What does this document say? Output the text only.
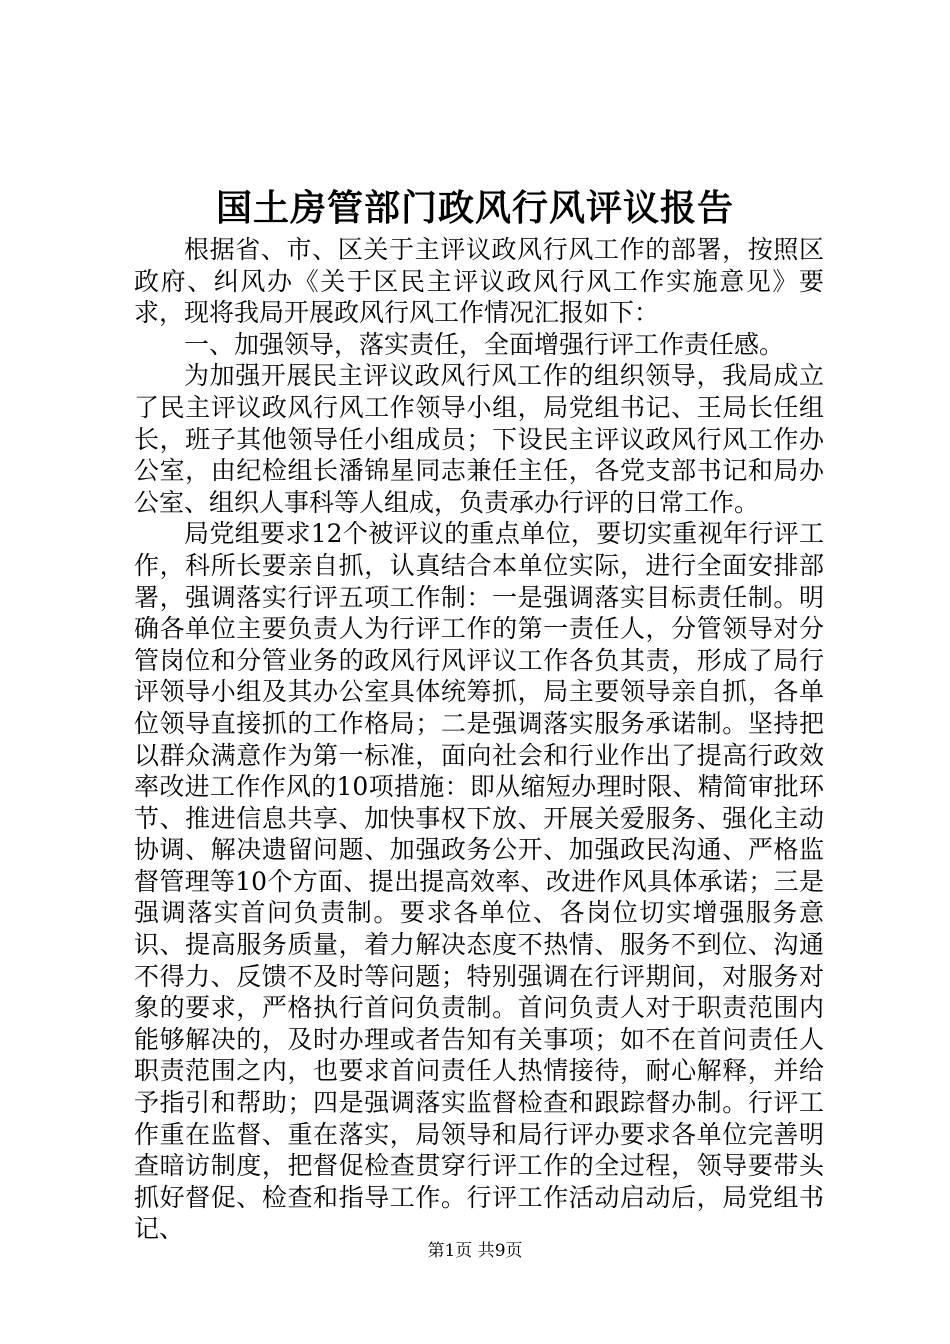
国土房管部门政风行风评议报告

根据省、市、区关于主评议政风行风工作的部署，按照区政府、纠风办《关于区民主评议政风行风工作实施意见》要求，现将我局开展政风行风工作情况汇报如下：

一、加强领导，落实责任，全面增强行评工作责任感。

为加强开展民主评议政风行风工作的组织领导，我局成立了民主评议政风行风工作领导小组，局党组书记、王局长任组长，班子其他领导任小组成员；下设民主评议政风行风工作办公室，由纪检组长潘锦星同志兼任主任，各党支部书记和局办公室、组织人事科等人组成，负责承办行评的日常工作。

局党组要求12个被评议的重点单位，要切实重视年行评工作，科所长要亲自抓，认真结合本单位实际，进行全面安排部署，强调落实行评五项工作制：一是强调落实目标责任制。明确各单位主要负责人为行评工作的第一责任人，分管领导对分管岗位和分管业务的政风行风评议工作各负其责，形成了局行评领导小组及其办公室具体统筹抓，局主要领导亲自抓，各单位领导直接抓的工作格局；二是强调落实服务承诺制。坚持把以群众满意作为第一标准，面向社会和行业作出了提高行政效率改进工作作风的10项措施：即从缩短办理时限、精简审批环节、推进信息共享、加快事权下放、开展关爱服务、强化主动协调、解决遗留问题、加强政务公开、加强政民沟通、严格监督管理等10个方面、提出提高效率、改进作风具体承诺；三是强调落实首问负责制。要求各单位、各岗位切实增强服务意识、提高服务质量，着力解决态度不热情、服务不到位、沟通不得力、反馈不及时等问题；特别强调在行评期间，对服务对象的要求，严格执行首问负责制。首问负责人对于职责范围内能够解决的，及时办理或者告知有关事项；如不在首问责任人职责范围之内，也要求首问责任人热情接待，耐心解释，并给予指引和帮助；四是强调落实监督检查和跟踪督办制。行评工作重在监督、重在落实，局领导和局行评办要求各单位完善明查暗访制度，把督促检查贯穿行评工作的全过程，领导要带头抓好督促、检查和指导工作。行评工作活动启动后，局党组书记、

第1页 共9页
